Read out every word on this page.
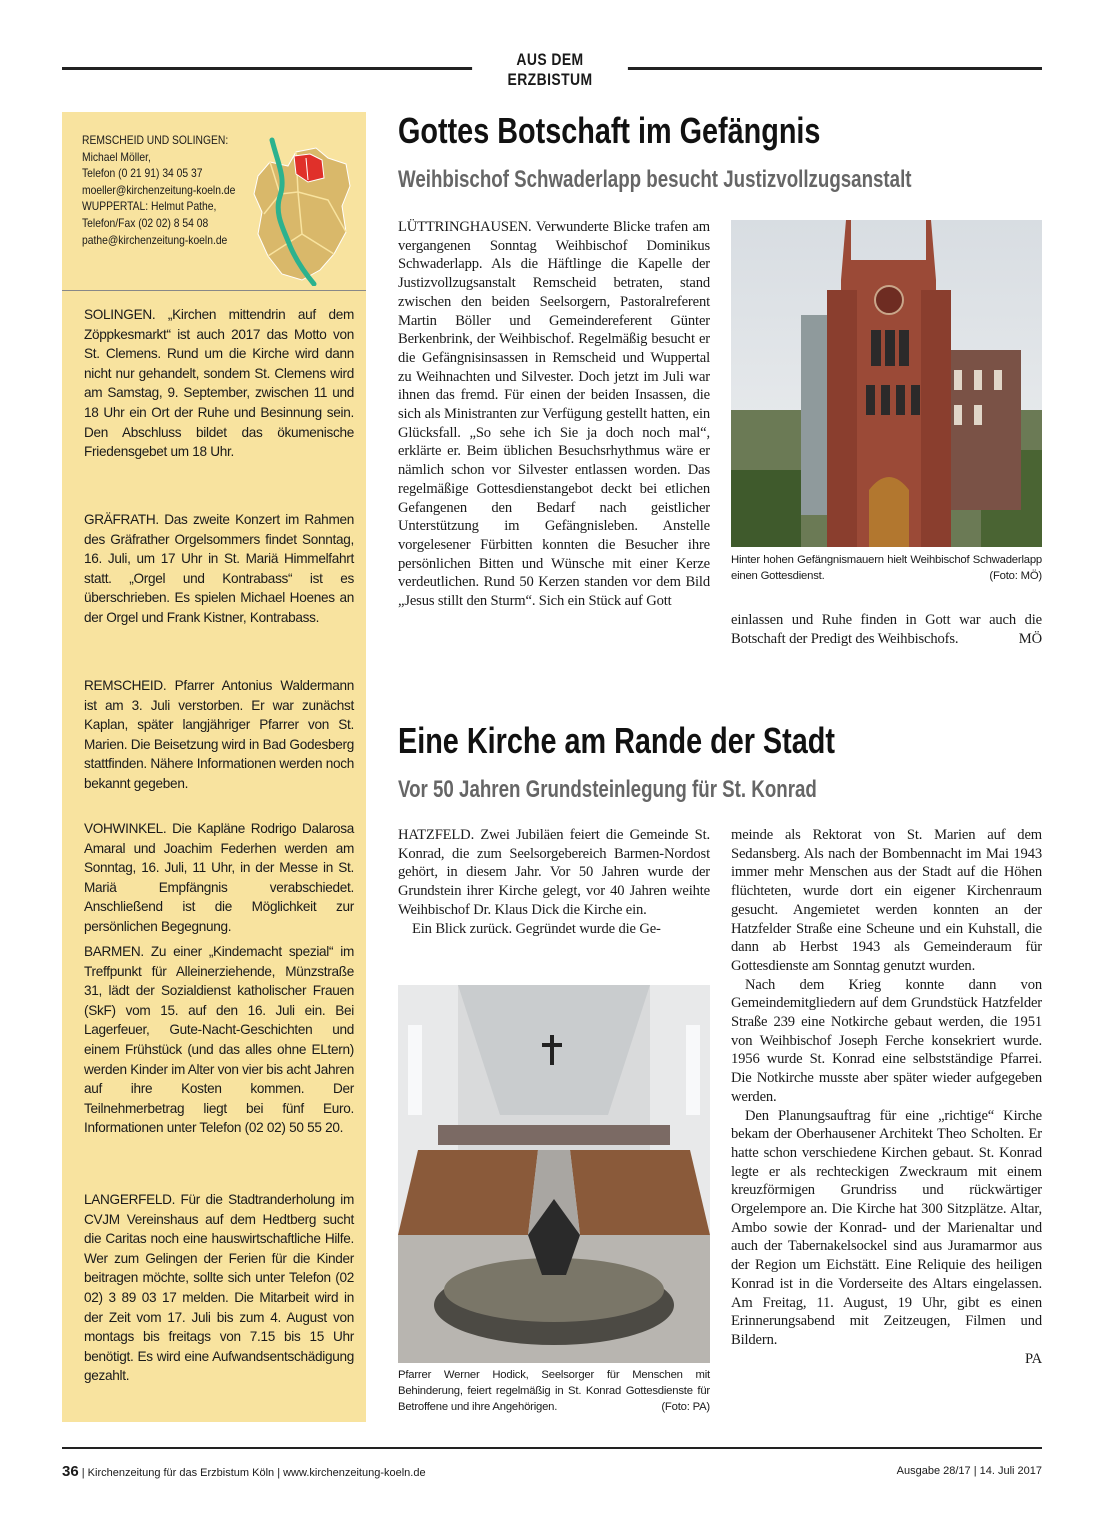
AUS DEM ERZBISTUM
REMSCHEID UND SOLINGEN:
Michael Möller,
Telefon (0 21 91) 34 05 37
moeller@kirchenzeitung-koeln.de
WUPPERTAL: Helmut Pathe,
Telefon/Fax (02 02) 8 54 08
pathe@kirchenzeitung-koeln.de
SOLINGEN. „Kirchen mittendrin auf dem Zöppkesmarkt“ ist auch 2017 das Motto von St. Clemens. Rund um die Kirche wird dann nicht nur gehandelt, sondem St. Clemens wird am Samstag, 9. September, zwischen 11 und 18 Uhr ein Ort der Ruhe und Besinnung sein. Den Abschluss bildet das ökumenische Friedensgebet um 18 Uhr.
GRÄFRATH. Das zweite Konzert im Rahmen des Gräfrather Orgelsommers findet Sonntag, 16. Juli, um 17 Uhr in St. Mariä Himmelfahrt statt. „Orgel und Kontrabass“ ist es überschrieben. Es spielen Michael Hoenes an der Orgel und Frank Kistner, Kontrabass.
REMSCHEID. Pfarrer Antonius Waldermann ist am 3. Juli verstorben. Er war zunächst Kaplan, später langjähriger Pfarrer von St. Marien. Die Beisetzung wird in Bad Godesberg stattfinden. Nähere Informationen werden noch bekannt gegeben.
VOHWINKEL. Die Kapläne Rodrigo Dalarosa Amaral und Joachim Federhen werden am Sonntag, 16. Juli, 11 Uhr, in der Messe in St. Mariä Empfängnis verabschiedet. Anschließend ist die Möglichkeit zur persönlichen Begegnung.
BARMEN. Zu einer „Kindemacht spezial“ im Treffpunkt für Alleinerziehende, Münzstraße 31, lädt der Sozialdienst katholischer Frauen (SkF) vom 15. auf den 16. Juli ein. Bei Lagerfeuer, Gute-Nacht-Geschichten und einem Frühstück (und das alles ohne ELtern) werden Kinder im Alter von vier bis acht Jahren auf ihre Kosten kommen. Der Teilnehmerbetrag liegt bei fünf Euro. Informationen unter Telefon (02 02) 50 55 20.
LANGERFELD. Für die Stadtranderholung im CVJM Vereinshaus auf dem Hedtberg sucht die Caritas noch eine hauswirtschaftliche Hilfe. Wer zum Gelingen der Ferien für die Kinder beitragen möchte, sollte sich unter Telefon (02 02) 3 89 03 17 melden. Die Mitarbeit wird in der Zeit vom 17. Juli bis zum 4. August von montags bis freitags von 7.15 bis 15 Uhr benötigt. Es wird eine Aufwandsentschädigung gezahlt.
Gottes Botschaft im Gefängnis
Weihbischof Schwaderlapp besucht Justizvollzugsanstalt
LÜTTRINGHAUSEN. Verwunderte Blicke trafen am vergangenen Sonntag Weihbischof Dominikus Schwaderlapp. Als die Häftlinge die Kapelle der Justizvollzugsanstalt Remscheid betraten, stand zwischen den beiden Seelsorgern, Pastoralreferent Martin Böller und Gemeindereferent Günter Berkenbrink, der Weihbischof. Regelmäßig besucht er die Gefängnisinsassen in Remscheid und Wuppertal zu Weihnachten und Silvester. Doch jetzt im Juli war ihnen das fremd. Für einen der beiden Insassen, die sich als Ministranten zur Verfügung gestellt hatten, ein Glücksfall. „So sehe ich Sie ja doch noch mal“, erklärte er. Beim üblichen Besuchsrhythmus wäre er nämlich schon vor Silvester entlassen worden. Das regelmäßige Gottesdienstangebot deckt bei etlichen Gefangenen den Bedarf nach geistlicher Unterstützung im Gefängnisleben. Anstelle vorgelesener Fürbitten konnten die Besucher ihre persönlichen Bitten und Wünsche mit einer Kerze verdeutlichen. Rund 50 Kerzen standen vor dem Bild „Jesus stillt den Sturm“. Sich ein Stück auf Gott
Hinter hohen Gefängnismauern hielt Weihbischof Schwaderlapp einen Gottesdienst.	(Foto: MÖ)
einlassen und Ruhe finden in Gott war auch die Botschaft der Predigt des Weihbischofs.	MÖ
Eine Kirche am Rande der Stadt
Vor 50 Jahren Grundsteinlegung für St. Konrad

HATZFELD. Zwei Jubiläen feiert die Gemeinde St. Konrad, die zum Seelsorgebereich Barmen-Nordost gehört, in diesem Jahr. Vor 50 Jahren wurde der Grundstein ihrer Kirche gelegt, vor 40 Jahren weihte Weihbischof Dr. Klaus Dick die Kirche ein.

Ein Blick zurück. Gegründet wurde die Ge-

Pfarrer Werner Hodick, Seelsorger für Menschen mit Behinderung, feiert regelmäßig in St. Konrad Gottesdienste für Betroffene und ihre Angehörigen.	(Foto: PA)

meinde als Rektorat von St. Marien auf dem Sedansberg. Als nach der Bombennacht im Mai 1943 immer mehr Menschen aus der Stadt auf die Höhen flüchteten, wurde dort ein eigener Kirchenraum gesucht. Angemietet werden konnten an der Hatzfelder Straße eine Scheune und ein Kuhstall, die dann ab Herbst 1943 als Gemeinderaum für Gottesdienste am Sonntag genutzt wurden.

Nach dem Krieg konnte dann von Gemeindemitgliedern auf dem Grundstück Hatzfelder Straße 239 eine Notkirche gebaut werden, die 1951 von Weihbischof Joseph Ferche konsekriert wurde. 1956 wurde St. Konrad eine selbstständige Pfarrei. Die Notkirche musste aber später wieder aufgegeben werden.

Den Planungsauftrag für eine „richtige“ Kirche bekam der Oberhausener Architekt Theo Scholten. Er hatte schon verschiedene Kirchen gebaut. St. Konrad legte er als rechteckigen Zweckraum mit einem kreuzförmigen Grundriss und rückwärtiger Orgelempore an. Die Kirche hat 300 Sitzplätze. Altar, Ambo sowie der Konrad- und der Marienaltar und auch der Tabernakelsockel sind aus Juramarmor aus der Region um Eichstätt. Eine Reliquie des heiligen Konrad ist in die Vorderseite des Altars eingelassen. Am Freitag, 11. August, 19 Uhr, gibt es einen Erinnerungsabend mit Zeitzeugen, Filmen und Bildern.
PA

36 | Kirchenzeitung für das Erzbistum Köln | www.kirchenzeitung-koeln.de	Ausgabe 28/17 | 14. Juli 2017
